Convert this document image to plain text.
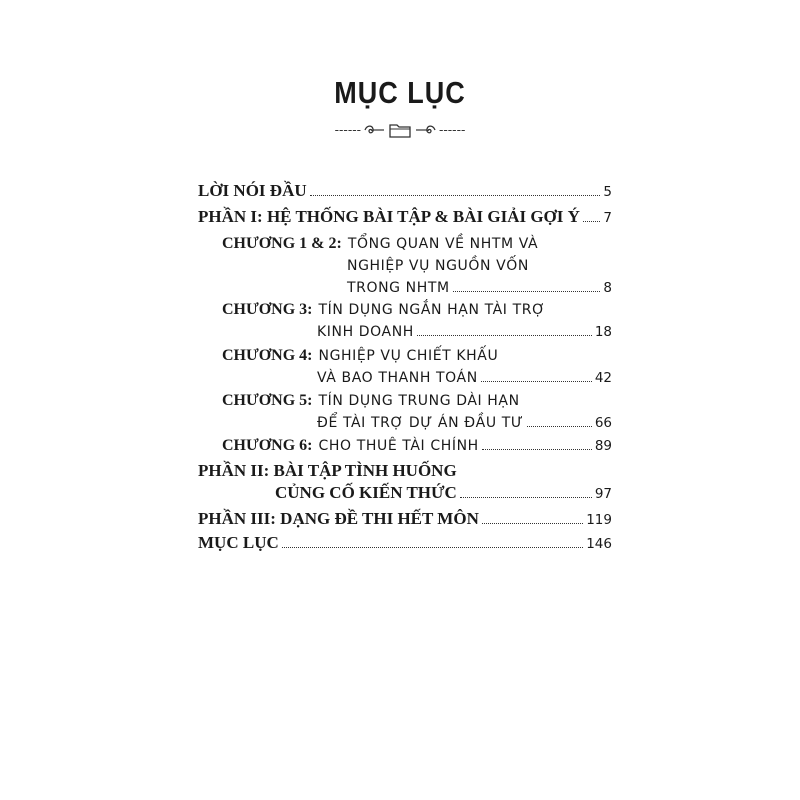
MỤC LỤC
------	------
LỜI NÓI ĐẦU	5
PHẦN I: HỆ THỐNG BÀI TẬP & BÀI GIẢI GỢI Ý 7
CHƯƠNG 1 & 2: TỔNG QUAN VỀ NHTM VÀ
NGHIỆP VỤ NGUỒN VỐN
TRONG NHTM	8
CHƯƠNG 3: TÍN DỤNG NGẮN HẠN TÀI TRỢ
KINH DOANH	18
CHƯƠNG 4: NGHIỆP VỤ CHIẾT KHẤU
VÀ BAO THANH TOÁN	42
CHƯƠNG 5: TÍN DỤNG TRUNG DÀI HẠN
ĐỂ TÀI TRỢ DỰ ÁN ĐẦU TƯ	66
CHƯƠNG 6: CHO THUÊ TÀI CHÍNH	89
PHẦN II: BÀI TẬP TÌNH HUỐNG
CỦNG CỐ KIẾN THỨC	97
PHẦN III: DẠNG ĐỀ THI HẾT MÔN	119
MỤC LỤC	146
